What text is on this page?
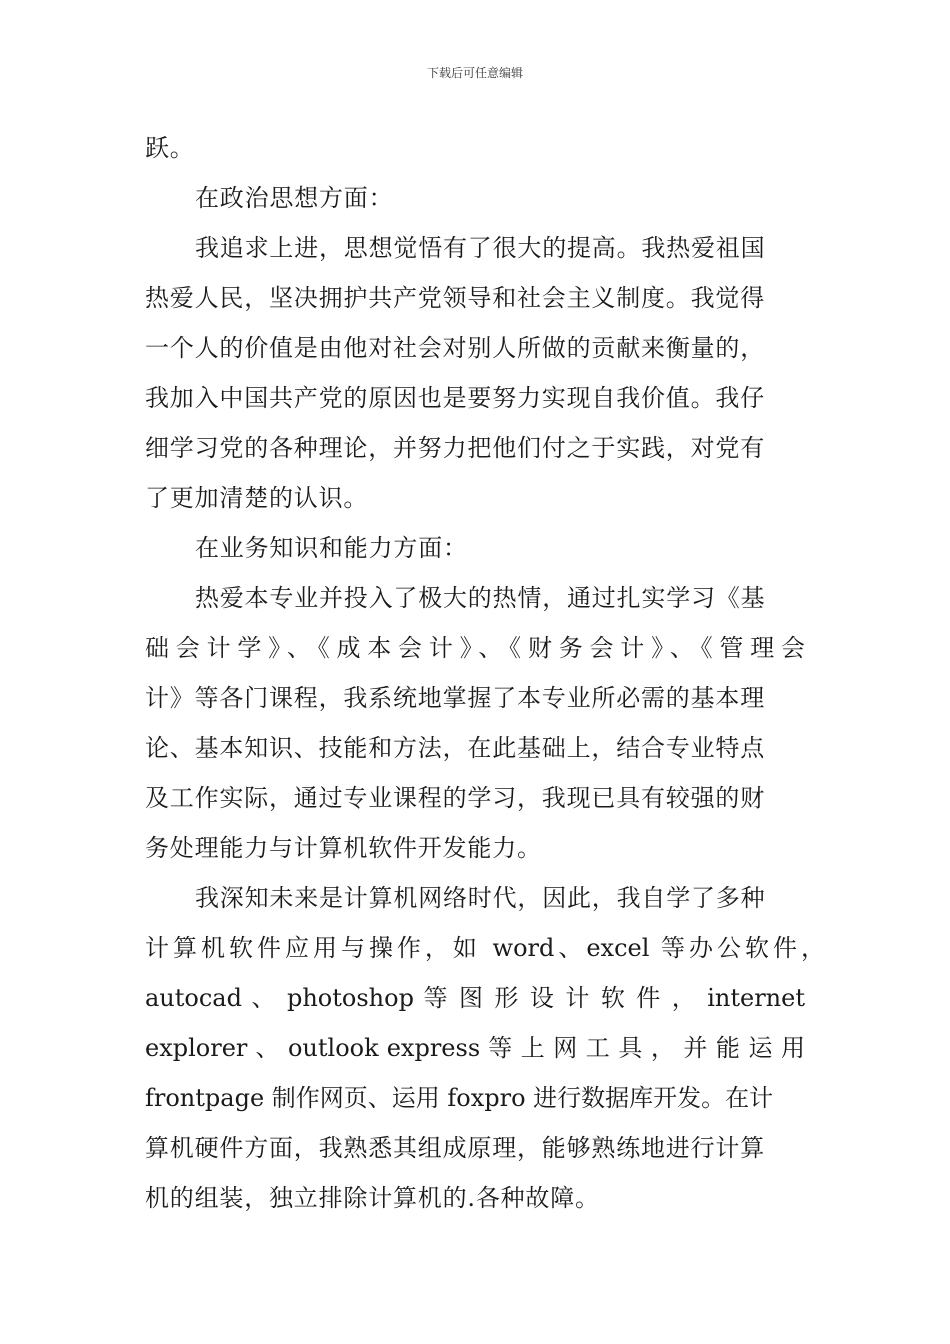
下载后可任意编辑
跃。
在政治思想方面：
我追求上进，思想觉悟有了很大的提高。我热爱祖国
热爱人民，坚决拥护共产党领导和社会主义制度。我觉得
一个人的价值是由他对社会对别人所做的贡献来衡量的，
我加入中国共产党的原因也是要努力实现自我价值。我仔
细学习党的各种理论，并努力把他们付之于实践，对党有
了更加清楚的认识。
在业务知识和能力方面：
热爱本专业并投入了极大的热情，通过扎实学习《基
础会计学》、《成本会计》、《财务会计》、《管理会
计》等各门课程，我系统地掌握了本专业所必需的基本理
论、基本知识、技能和方法，在此基础上，结合专业特点
及工作实际，通过专业课程的学习，我现已具有较强的财
务处理能力与计算机软件开发能力。
我深知未来是计算机网络时代，因此，我自学了多种
计算机软件应用与操作，如 word、excel 等办公软件，
autocad 、 photoshop 等 图 形 设 计 软 件 ， internet
explorer 、 outlook express 等 上 网 工 具 ， 并 能 运 用
frontpage 制作网页、运用 foxpro 进行数据库开发。在计
算机硬件方面，我熟悉其组成原理，能够熟练地进行计算
机的组装，独立排除计算机的.各种故障。
